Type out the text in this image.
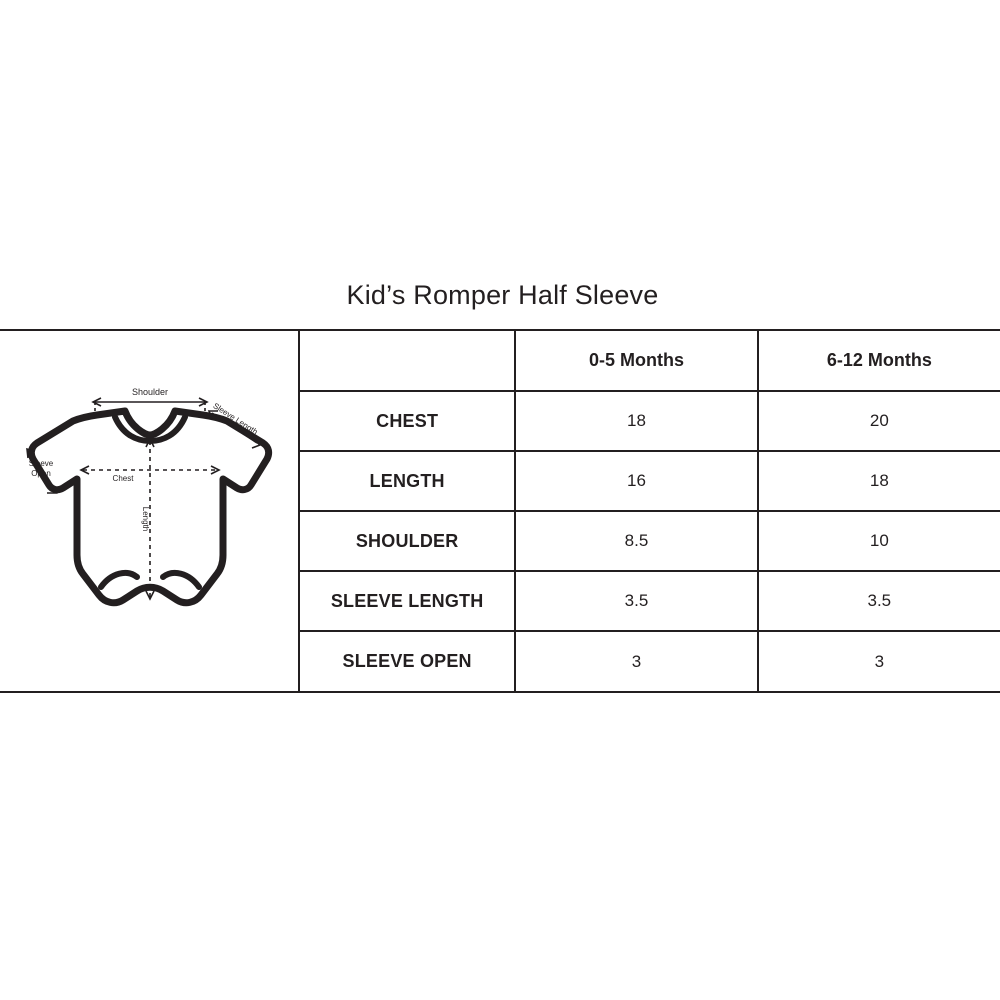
Kid’s Romper Half Sleeve
Shoulder
Sleeve Length
Sleeve
Open
Chest
Length
	0-5 Months	6-12 Months
CHEST	18	20
LENGTH	16	18
SHOULDER	8.5	10
SLEEVE LENGTH	3.5	3.5
SLEEVE OPEN	3	3
